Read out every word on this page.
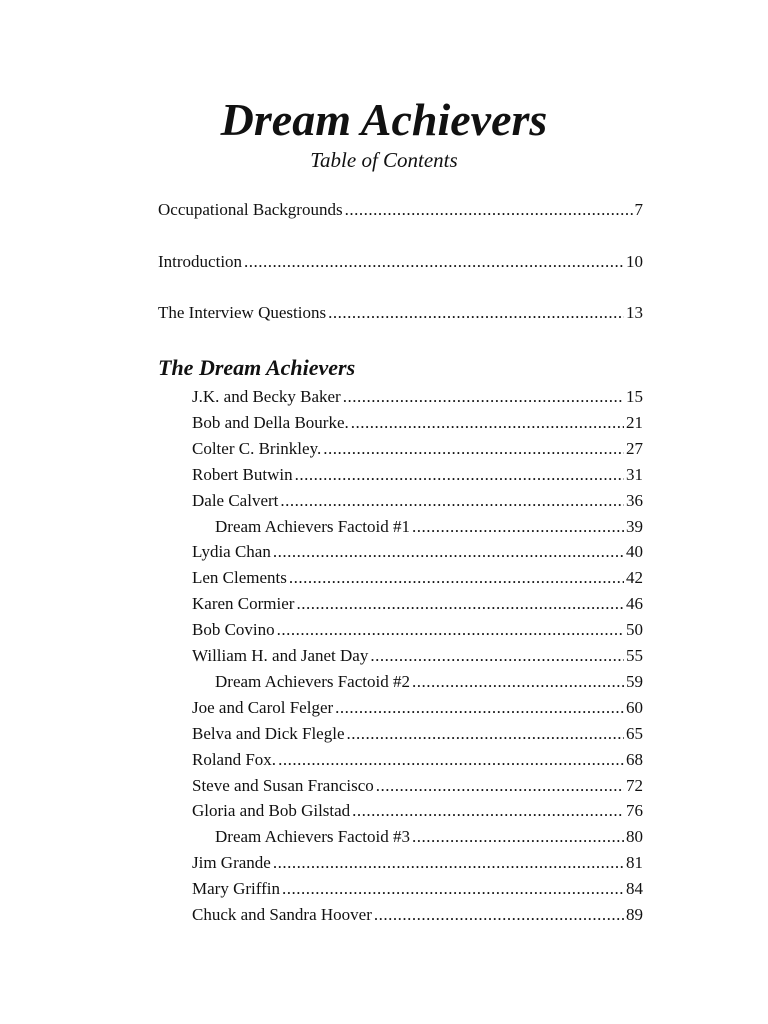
Dream Achievers
Table of Contents
Occupational Backgrounds .....	7
Introduction .....	10
The Interview Questions .....	13
The Dream Achievers
J.K. and Becky Baker .....	15
Bob and Della Bourke. .....	21
Colter C. Brinkley. .....	27
Robert Butwin .....	31
Dale Calvert .....	36
Dream Achievers Factoid #1 .....	39
Lydia Chan .....	40
Len Clements .....	42
Karen Cormier .....	46
Bob Covino .....	50
William H. and Janet Day .....	55
Dream Achievers Factoid #2 .....	59
Joe and Carol Felger .....	60
Belva and Dick Flegle .....	65
Roland Fox. .....	68
Steve and Susan Francisco .....	72
Gloria and Bob Gilstad .....	76
Dream Achievers Factoid #3 .....	80
Jim Grande .....	81
Mary Griffin .....	84
Chuck and Sandra Hoover .....	89
